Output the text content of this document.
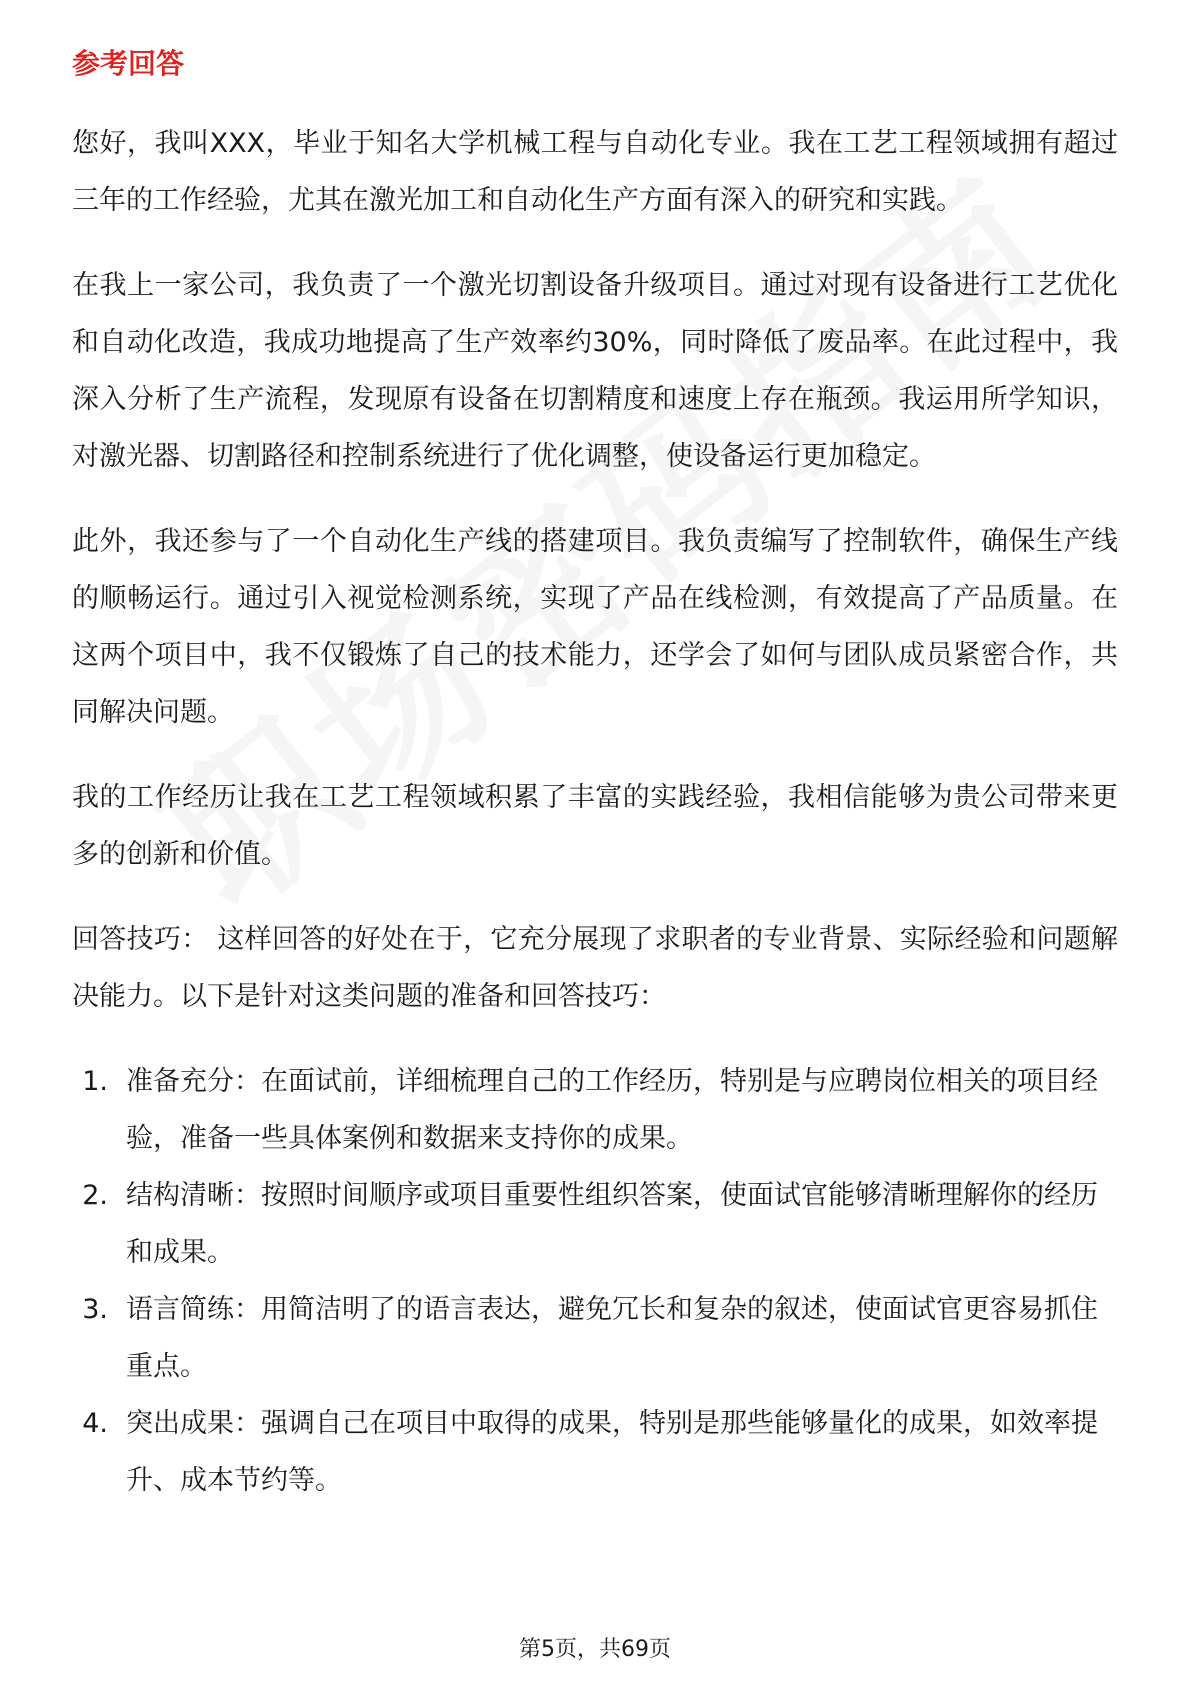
参考回答

您好，我叫XXX，毕业于知名大学机械工程与自动化专业。我在工艺工程领域拥有超过三年的工作经验，尤其在激光加工和自动化生产方面有深入的研究和实践。

在我上一家公司，我负责了一个激光切割设备升级项目。通过对现有设备进行工艺优化和自动化改造，我成功地提高了生产效率约30%，同时降低了废品率。在此过程中，我深入分析了生产流程，发现原有设备在切割精度和速度上存在瓶颈。我运用所学知识，对激光器、切割路径和控制系统进行了优化调整，使设备运行更加稳定。

此外，我还参与了一个自动化生产线的搭建项目。我负责编写了控制软件，确保生产线的顺畅运行。通过引入视觉检测系统，实现了产品在线检测，有效提高了产品质量。在这两个项目中，我不仅锻炼了自己的技术能力，还学会了如何与团队成员紧密合作，共同解决问题。

我的工作经历让我在工艺工程领域积累了丰富的实践经验，我相信能够为贵公司带来更多的创新和价值。

回答技巧： 这样回答的好处在于，它充分展现了求职者的专业背景、实际经验和问题解决能力。以下是针对这类问题的准备和回答技巧：

1. 准备充分：在面试前，详细梳理自己的工作经历，特别是与应聘岗位相关的项目经验，准备一些具体案例和数据来支持你的成果。
2. 结构清晰：按照时间顺序或项目重要性组织答案，使面试官能够清晰理解你的经历和成果。
3. 语言简练：用简洁明了的语言表达，避免冗长和复杂的叙述，使面试官更容易抓住重点。
4. 突出成果：强调自己在项目中取得的成果，特别是那些能够量化的成果，如效率提升、成本节约等。
第5页，共69页
